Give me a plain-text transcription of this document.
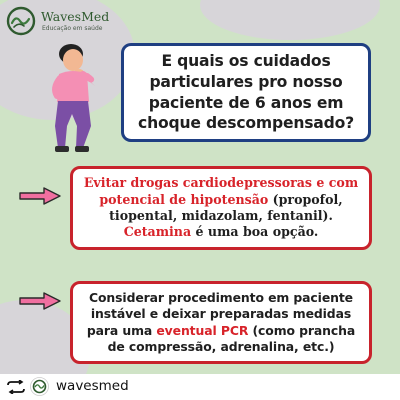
WavesMed
Educação em saúde
E quais os cuidados particulares pro nosso paciente de 6 anos em choque descompensado?
Evitar drogas cardiodepressoras e com potencial de hipotensão (propofol, tiopental, midazolam, fentanil). Cetamina é uma boa opção.
Considerar procedimento em paciente instável e deixar preparadas medidas para uma eventual PCR (como prancha de compressão, adrenalina, etc.)
wavesmed
